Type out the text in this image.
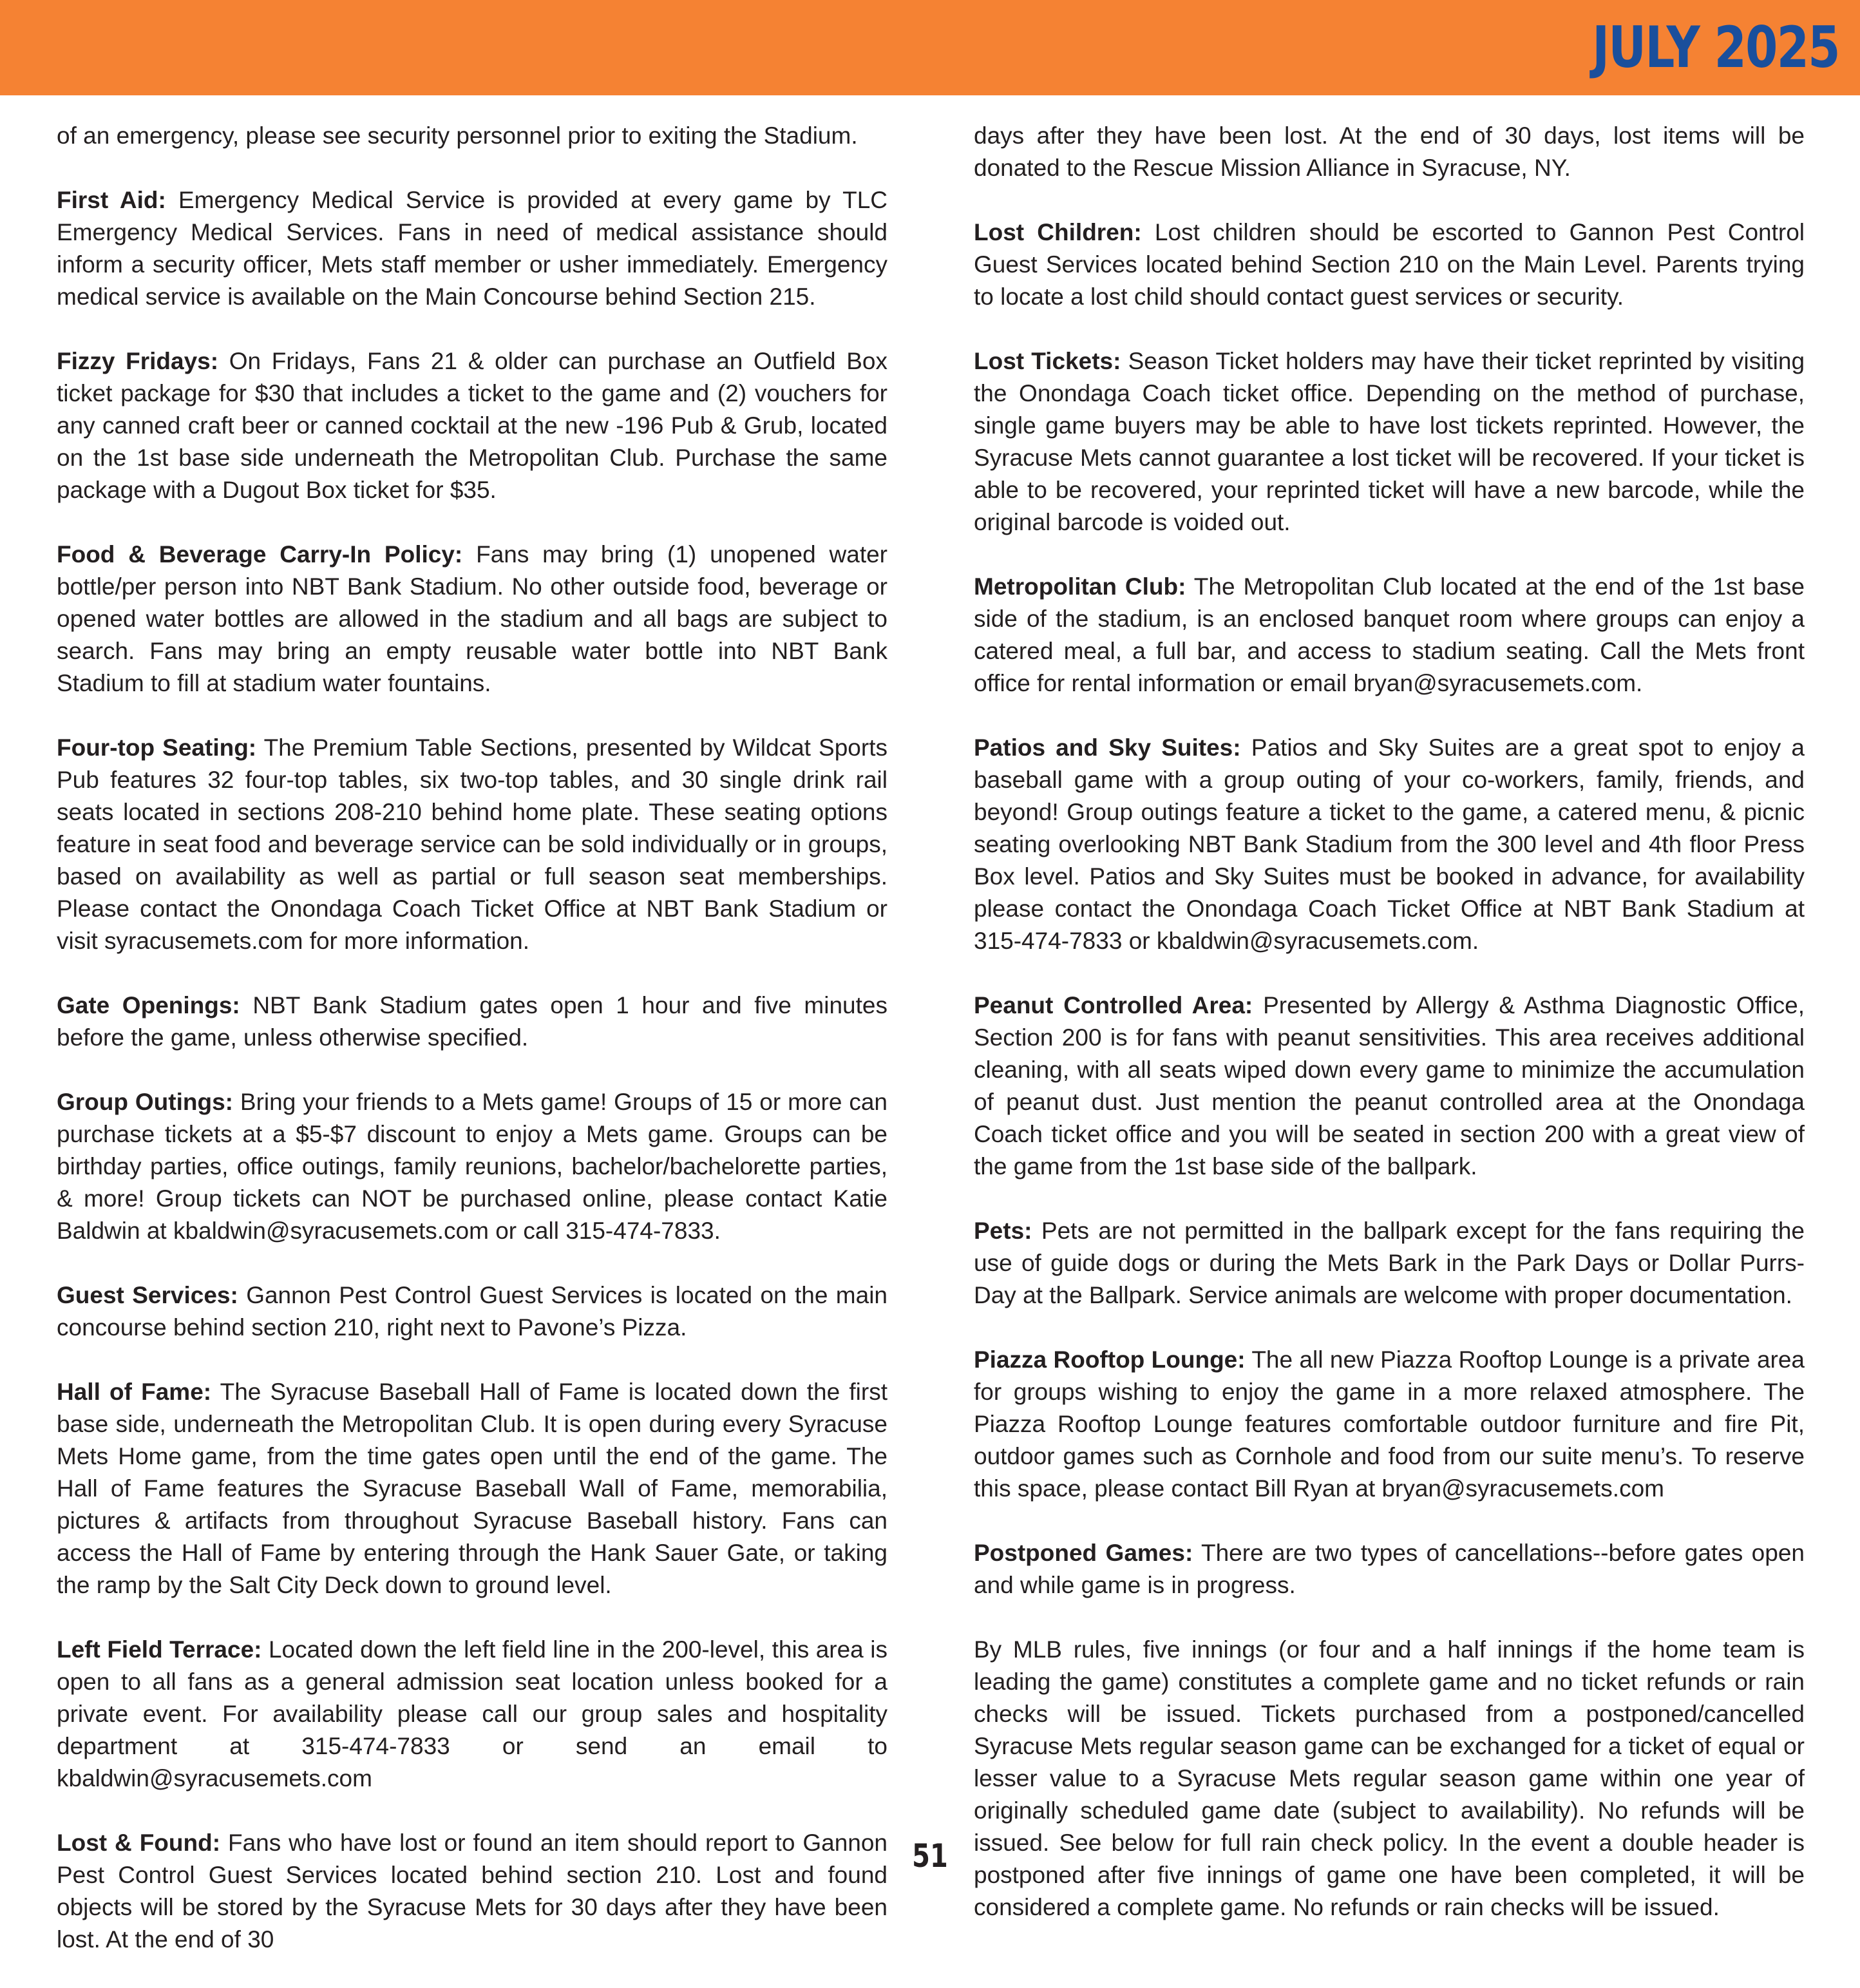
JULY 2025

of an emergency, please see security personnel prior to exiting the Stadium.

First Aid: Emergency Medical Service is provided at every game by TLC Emergency Medical Services. Fans in need of medical assistance should inform a security officer, Mets staff member or usher immediately. Emergency medical service is available on the Main Concourse behind Section 215.

Fizzy Fridays: On Fridays, Fans 21 & older can purchase an Outfield Box ticket package for $30 that includes a ticket to the game and (2) vouchers for any canned craft beer or canned cocktail at the new -196 Pub & Grub, located on the 1st base side underneath the Metropolitan Club. Purchase the same package with a Dugout Box ticket for $35.

Food & Beverage Carry-In Policy: Fans may bring (1) unopened water bottle/per person into NBT Bank Stadium. No other outside food, beverage or opened water bottles are allowed in the stadium and all bags are subject to search. Fans may bring an empty reusable water bottle into NBT Bank Stadium to fill at stadium water fountains.

Four-top Seating: The Premium Table Sections, presented by Wildcat Sports Pub features 32 four-top tables, six two-top tables, and 30 single drink rail seats located in sections 208-210 behind home plate. These seating options feature in seat food and beverage service can be sold individually or in groups, based on availability as well as partial or full season seat memberships. Please contact the Onondaga Coach Ticket Office at NBT Bank Stadium or visit syracusemets.com for more information.

Gate Openings: NBT Bank Stadium gates open 1 hour and five minutes before the game, unless otherwise specified.

Group Outings: Bring your friends to a Mets game! Groups of 15 or more can purchase tickets at a $5-$7 discount to enjoy a Mets game. Groups can be birthday parties, office outings, family reunions, bachelor/bachelorette parties, & more! Group tickets can NOT be purchased online, please contact Katie Baldwin at kbaldwin@syracusemets.com or call 315-474-7833.

Guest Services: Gannon Pest Control Guest Services is located on the main concourse behind section 210, right next to Pavone’s Pizza.

Hall of Fame: The Syracuse Baseball Hall of Fame is located down the first base side, underneath the Metropolitan Club. It is open during every Syracuse Mets Home game, from the time gates open until the end of the game. The Hall of Fame features the Syracuse Baseball Wall of Fame, memorabilia, pictures & artifacts from throughout Syracuse Baseball history. Fans can access the Hall of Fame by entering through the Hank Sauer Gate, or taking the ramp by the Salt City Deck down to ground level.

Left Field Terrace: Located down the left field line in the 200-level, this area is open to all fans as a general admission seat location unless booked for a private event. For availability please call our group sales and hospitality department at 315-474-7833 or send an email to kbaldwin@syracusemets.com

Lost & Found: Fans who have lost or found an item should report to Gannon Pest Control Guest Services located behind section 210. Lost and found objects will be stored by the Syracuse Mets for 30 days after they have been lost. At the end of 30

days after they have been lost. At the end of 30 days, lost items will be donated to the Rescue Mission Alliance in Syracuse, NY.

Lost Children: Lost children should be escorted to Gannon Pest Control Guest Services located behind Section 210 on the Main Level. Parents trying to locate a lost child should contact guest services or security.

Lost Tickets: Season Ticket holders may have their ticket reprinted by visiting the Onondaga Coach ticket office. Depending on the method of purchase, single game buyers may be able to have lost tickets reprinted. However, the Syracuse Mets cannot guarantee a lost ticket will be recovered. If your ticket is able to be recovered, your reprinted ticket will have a new barcode, while the original barcode is voided out.

Metropolitan Club: The Metropolitan Club located at the end of the 1st base side of the stadium, is an enclosed banquet room where groups can enjoy a catered meal, a full bar, and access to stadium seating. Call the Mets front office for rental information or email bryan@syracusemets.com.

Patios and Sky Suites: Patios and Sky Suites are a great spot to enjoy a baseball game with a group outing of your co-workers, family, friends, and beyond! Group outings feature a ticket to the game, a catered menu, & picnic seating overlooking NBT Bank Stadium from the 300 level and 4th floor Press Box level. Patios and Sky Suites must be booked in advance, for availability please contact the Onondaga Coach Ticket Office at NBT Bank Stadium at 315-474-7833 or kbaldwin@syracusemets.com.

Peanut Controlled Area: Presented by Allergy & Asthma Diagnostic Office, Section 200 is for fans with peanut sensitivities. This area receives additional cleaning, with all seats wiped down every game to minimize the accumulation of peanut dust. Just mention the peanut controlled area at the Onondaga Coach ticket office and you will be seated in section 200 with a great view of the game from the 1st base side of the ballpark.

Pets: Pets are not permitted in the ballpark except for the fans requiring the use of guide dogs or during the Mets Bark in the Park Days or Dollar Purrs-Day at the Ballpark. Service animals are welcome with proper documentation.

Piazza Rooftop Lounge: The all new Piazza Rooftop Lounge is a private area for groups wishing to enjoy the game in a more relaxed atmosphere. The Piazza Rooftop Lounge features comfortable outdoor furniture and fire Pit, outdoor games such as Cornhole and food from our suite menu’s. To reserve this space, please contact Bill Ryan at bryan@syracusemets.com

Postponed Games: There are two types of cancellations--before gates open and while game is in progress.

By MLB rules, five innings (or four and a half innings if the home team is leading the game) constitutes a complete game and no ticket refunds or rain checks will be issued. Tickets purchased from a postponed/cancelled Syracuse Mets regular season game can be exchanged for a ticket of equal or lesser value to a Syracuse Mets regular season game within one year of originally scheduled game date (subject to availability). No refunds will be issued. See below for full rain check policy. In the event a double header is postponed after five innings of game one have been completed, it will be considered a complete game. No refunds or rain checks will be issued.

51
